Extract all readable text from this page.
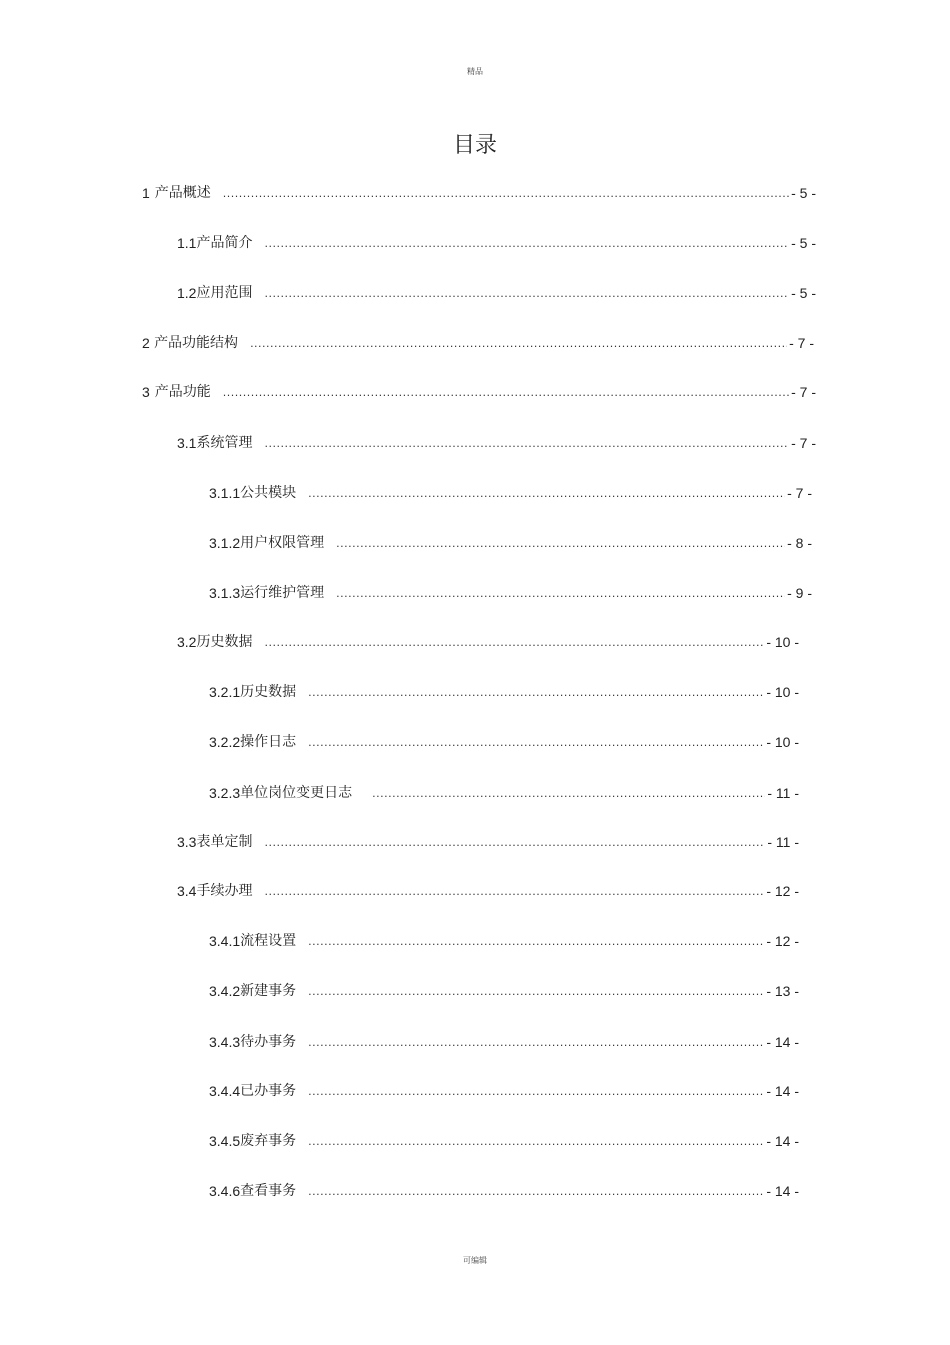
精品
目录
1 产品概述 .....	- 5 -
1.1 产品简介 .....	- 5 -
1.2 应用范围 .....	- 5 -
2 产品功能结构 .....	- 7 -
3 产品功能 .....	- 7 -
3.1 系统管理 .....	- 7 -
3.1.1 公共模块 .....	- 7 -
3.1.2 用户权限管理 .....	- 8 -
3.1.3 运行维护管理 .....	- 9 -
3.2 历史数据 .....	- 10 -
3.2.1 历史数据 .....	- 10 -
3.2.2 操作日志 .....	- 10 -
3.2.3 单位岗位变更日志 .....	- 11 -
3.3 表单定制 .....	- 11 -
3.4 手续办理 .....	- 12 -
3.4.1 流程设置 .....	- 12 -
3.4.2 新建事务 .....	- 13 -
3.4.3 待办事务 .....	- 14 -
3.4.4 已办事务 .....	- 14 -
3.4.5 废弃事务 .....	- 14 -
3.4.6 查看事务 .....	- 14 -
可编辑
